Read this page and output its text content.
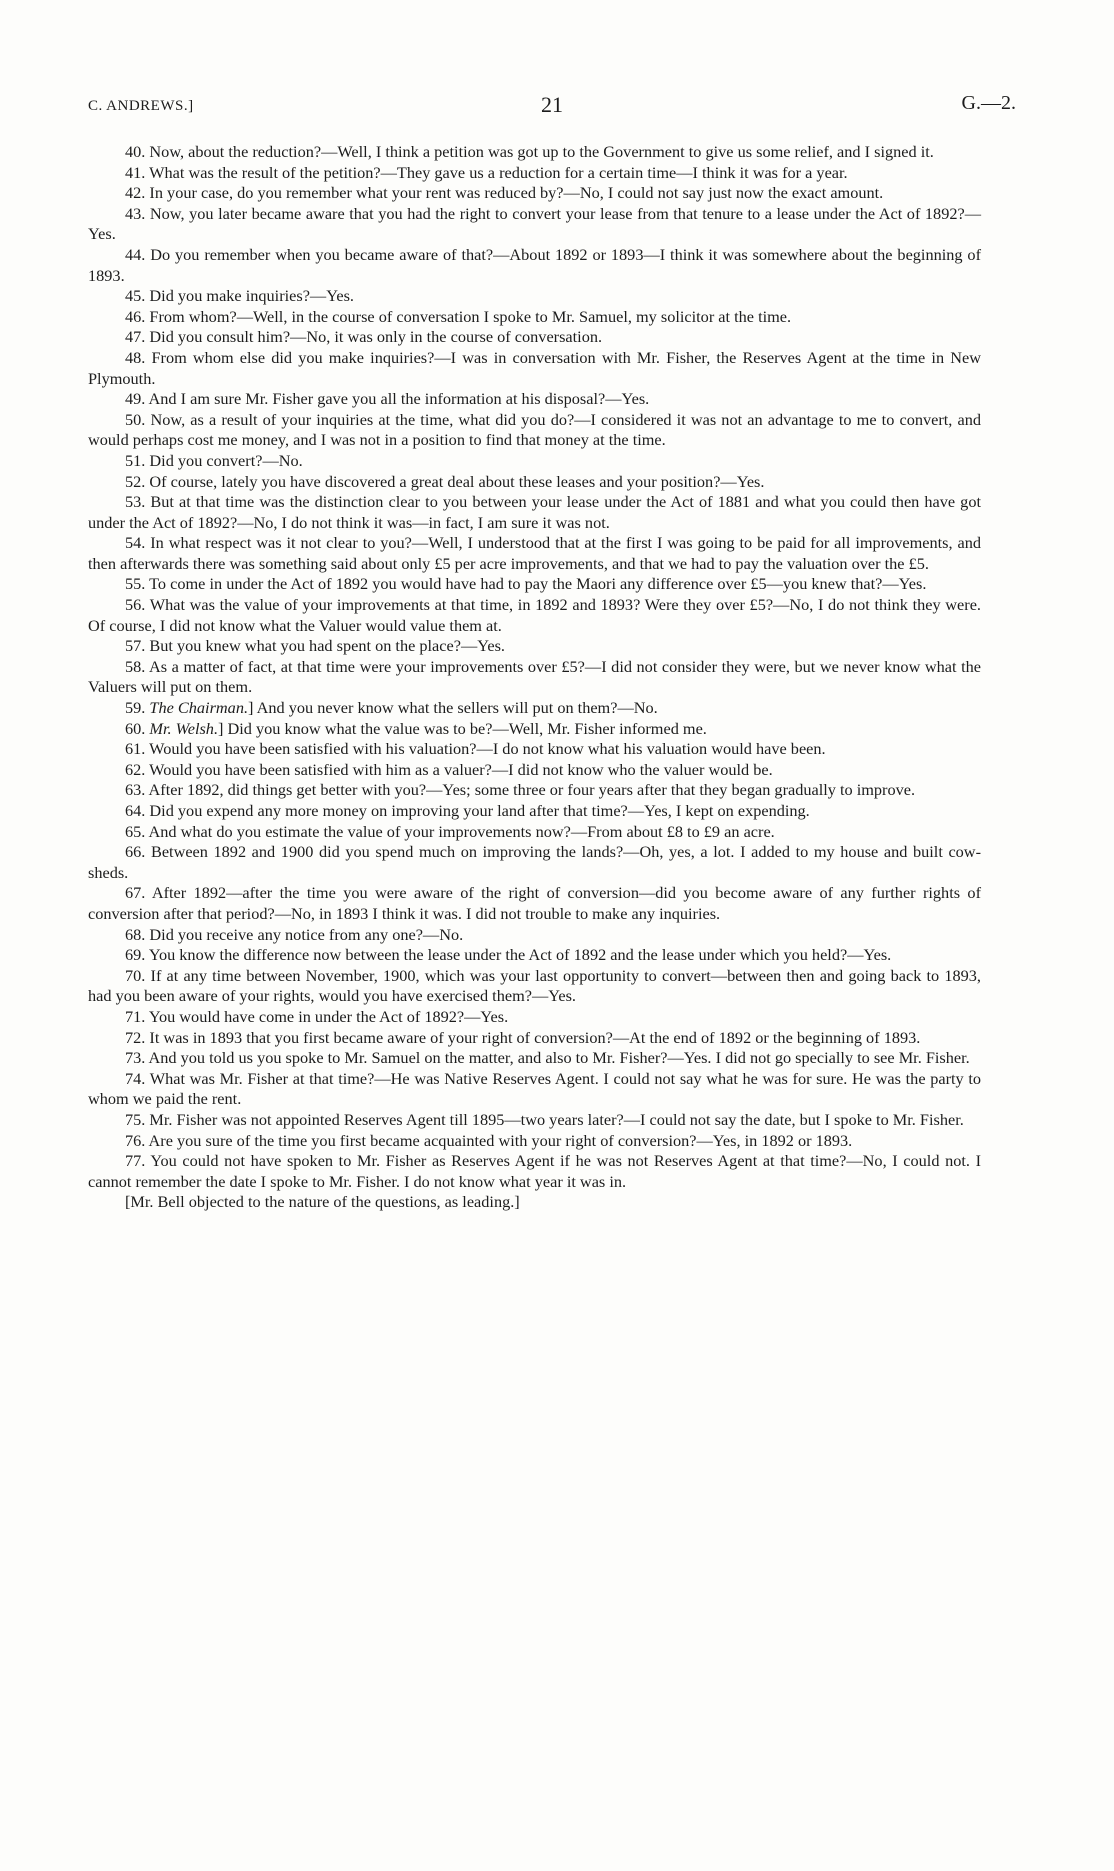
C. ANDREWS.]	21	G.—2.

40. Now, about the reduction?—Well, I think a petition was got up to the Government to give us some relief, and I signed it.

41. What was the result of the petition?—They gave us a reduction for a certain time—I think it was for a year.

42. In your case, do you remember what your rent was reduced by?—No, I could not say just now the exact amount.

43. Now, you later became aware that you had the right to convert your lease from that tenure to a lease under the Act of 1892?—Yes.

44. Do you remember when you became aware of that?—About 1892 or 1893—I think it was somewhere about the beginning of 1893.

45. Did you make inquiries?—Yes.

46. From whom?—Well, in the course of conversation I spoke to Mr. Samuel, my solicitor at the time.

47. Did you consult him?—No, it was only in the course of conversation.

48. From whom else did you make inquiries?—I was in conversation with Mr. Fisher, the Reserves Agent at the time in New Plymouth.

49. And I am sure Mr. Fisher gave you all the information at his disposal?—Yes.

50. Now, as a result of your inquiries at the time, what did you do?—I considered it was not an advantage to me to convert, and would perhaps cost me money, and I was not in a position to find that money at the time.

51. Did you convert?—No.

52. Of course, lately you have discovered a great deal about these leases and your position?—Yes.

53. But at that time was the distinction clear to you between your lease under the Act of 1881 and what you could then have got under the Act of 1892?—No, I do not think it was—in fact, I am sure it was not.

54. In what respect was it not clear to you?—Well, I understood that at the first I was going to be paid for all improvements, and then afterwards there was something said about only £5 per acre improvements, and that we had to pay the valuation over the £5.

55. To come in under the Act of 1892 you would have had to pay the Maori any difference over £5—you knew that?—Yes.

56. What was the value of your improvements at that time, in 1892 and 1893? Were they over £5?—No, I do not think they were. Of course, I did not know what the Valuer would value them at.

57. But you knew what you had spent on the place?—Yes.

58. As a matter of fact, at that time were your improvements over £5?—I did not consider they were, but we never know what the Valuers will put on them.

59. The Chairman.] And you never know what the sellers will put on them?—No.

60. Mr. Welsh.] Did you know what the value was to be?—Well, Mr. Fisher informed me.

61. Would you have been satisfied with his valuation?—I do not know what his valuation would have been.

62. Would you have been satisfied with him as a valuer?—I did not know who the valuer would be.

63. After 1892, did things get better with you?—Yes; some three or four years after that they began gradually to improve.

64. Did you expend any more money on improving your land after that time?—Yes, I kept on expending.

65. And what do you estimate the value of your improvements now?—From about £8 to £9 an acre.

66. Between 1892 and 1900 did you spend much on improving the lands?—Oh, yes, a lot. I added to my house and built cow-sheds.

67. After 1892—after the time you were aware of the right of conversion—did you become aware of any further rights of conversion after that period?—No, in 1893 I think it was. I did not trouble to make any inquiries.

68. Did you receive any notice from any one?—No.

69. You know the difference now between the lease under the Act of 1892 and the lease under which you held?—Yes.

70. If at any time between November, 1900, which was your last opportunity to convert—between then and going back to 1893, had you been aware of your rights, would you have exercised them?—Yes.

71. You would have come in under the Act of 1892?—Yes.

72. It was in 1893 that you first became aware of your right of conversion?—At the end of 1892 or the beginning of 1893.

73. And you told us you spoke to Mr. Samuel on the matter, and also to Mr. Fisher?—Yes. I did not go specially to see Mr. Fisher.

74. What was Mr. Fisher at that time?—He was Native Reserves Agent. I could not say what he was for sure. He was the party to whom we paid the rent.

75. Mr. Fisher was not appointed Reserves Agent till 1895—two years later?—I could not say the date, but I spoke to Mr. Fisher.

76. Are you sure of the time you first became acquainted with your right of conversion?—Yes, in 1892 or 1893.

77. You could not have spoken to Mr. Fisher as Reserves Agent if he was not Reserves Agent at that time?—No, I could not. I cannot remember the date I spoke to Mr. Fisher. I do not know what year it was in.

[Mr. Bell objected to the nature of the questions, as leading.]
